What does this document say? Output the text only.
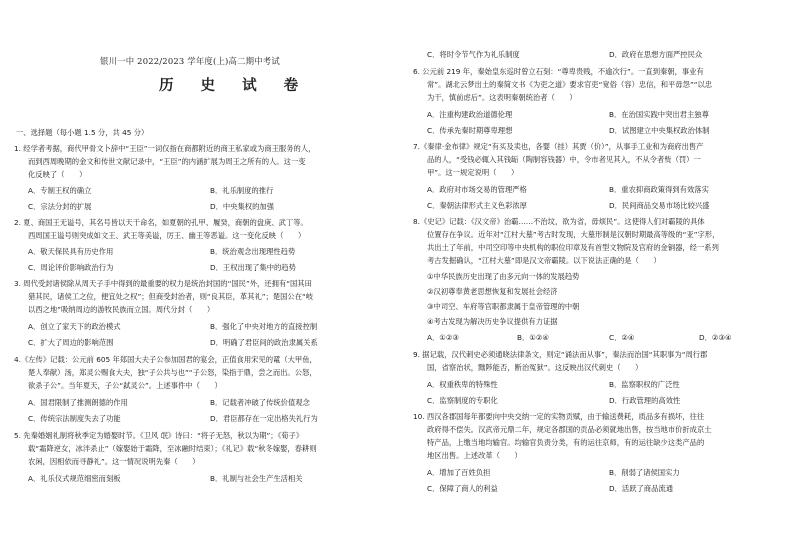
银川一中 2022/2023 学年度(上)高二期中考试
历 史 试 卷
一、选择题（每小题 1.5 分，共 45 分）
1. 经学者考据，商代甲骨文卜辞中“王臣”一词仅指在商都附近的商王私家或为商王服务的人，
而到西周晚期的金文和传世文献记录中，“王臣”的内涵扩展为周王之所有的人。这一变
化反映了（　　）
A．专制王权的确立	B．礼乐制度的推行
C．宗法分封的扩展	D．中央集权的加强
2. 夏、商国王无谥号，其名号皆以天干命名，如夏朝的孔甲、履癸，商朝的盘庚、武丁等。
西周国王谥号则突成如文王、武王等美谥，厉王、幽王等恶谥。这一变化反映（　　）
A．敬天保民具有历史作用	B．统治观念出现理性趋势
C．周论评价影响政治行为	D．王权出现了集中的趋势
3. 周代受封诸侯除从周天子手中得到的最重要的权力是统治封国的“国民”外，还拥有“国其田
猎其民，诸侯工之位，便宜处之权”；但商受封治者，则“良其臣，革其礼”；楚国公在“岐
以西之地”吸纳周边的游牧民族而立国。周代分封（　　）
A．创立了家天下的政治模式	B．强化了中央对地方的直接控制
C．扩大了周边的影响范围	D．明确了君臣间的政治隶属关系
4.《左传》记载：公元前 605 年郑国大夫子公参加国君的宴会，正值食用宋见的鼋（大甲鱼，
楚人奉献）汤，郑灵公赐食大夫，独“子公共与也”“子公怒，染指于鼎，尝之而出。公怒，
欲杀子公”。当年夏天，子公“弑灵公”。上述事件中（　　）
A．国君限制了推测朗德的作用	B．记载者冲破了传统价值观念
C．传统宗法制度失去了功能	D．君臣都存在一定出格失礼行为
5. 先秦婚姻礼制将秋季定为婚娶时节。《卫风 氓》诗曰：“将子无怒，秋以为期”；《荀子》
载“霜降逆女，冰泮杀止”（嫁娶始于霜降，至冰融时结束）；《礼记》载“秋冬嫁娶，春耕则
农闲，因相依而寻静礼”。这一情况说明先秦（　　）
A．礼乐仪式规范细密而刻板	B．礼制与社会生产生活相关
C．将时令节气作为礼乐制度	D．政府在思想方面严控民众
6. 公元前 219 年，秦始皇东巡时曾立石刻：“尊卑贵贱，不逾次行”。一直到秦朝，事业有
常”。湖北云梦出土的秦简文书《为吏之道》要求官吏“宽俗（容）忠信，和平毋怨”“以忠
为干，慎前虑后”。这表明秦朝统治者（　　）
A．注重构建政治道德伦理	B．在治国实践中突出君主独尊
C．传承先秦时期尊卑理想	D．试图建立中央集权政治体制
7.《秦律·金布律》规定“有买及卖也，各婴（挂）其贾（价）”，从事手工业和为商府出售产
品的人，“受钱必辄入其钱缿（陶制容钱器）中，令市者见其入，不从令者赀（罚）一
甲”。这一规定说明（　　）
A．政府对市场交易的管理严格	B．重农抑商政策得到有效落实
C．秦朝法律形式主义色彩浓厚	D．民间商品交易市场比较兴盛
8.《史记》记载：《汉文帝》治霸……不治坟，欲为省，毋烦民”。这使得人们对霸陵的具体
位置存在争议。近年对“江村大墓”考古时发现，大墓形制是汉朝时期最高等级的“亚”字形，
共出土了年前，中司空印等中央机构的职位印章及有首型文物院及官府的金铜器，经一系列
考古发掘确认，“江村大墓”即是汉文帝霸陵。以下说法正确的是（　　）
①中华民族历史出现了由多元向一体的发展趋势
②汉初尊奉黄老思想恢复和发展社会经济
③中司空、车府等官职都隶属于皇帝管理的中朝
④考古发现为解决历史争议提供有力证据
A．①②③	B．①②④	C．②④	D．②③④
9. 据记载，汉代刺史必须通晓法律条文，则定“诵法而从事”，秦法而治国“其职事为“周行郡
国，省察治状，黜陟能否，断治冤狱”。这反映出汉代刺史（　　）
A．权重秩卑的特殊性	B．监察职权的广泛性
C．监察制度的专职化	D．行政管理的高效性
10. 西汉各郡国每年都要向中央交纳一定的实物贡赋，由于输送费耗，质品多有损坏，往往
政府得不偿失。汉武帝元鼎二年，规定各郡国的贡品必须就地出售，按当地市价折成京土
特产品，上缴当地均输官。均输官负责分类，有的运往京师，有的运往缺少这类产品的
地区出售。上述改革（　　）
A．增加了百姓负担	B．削弱了诸侯国实力
C．保障了商人的利益	D．活跃了商品流通
